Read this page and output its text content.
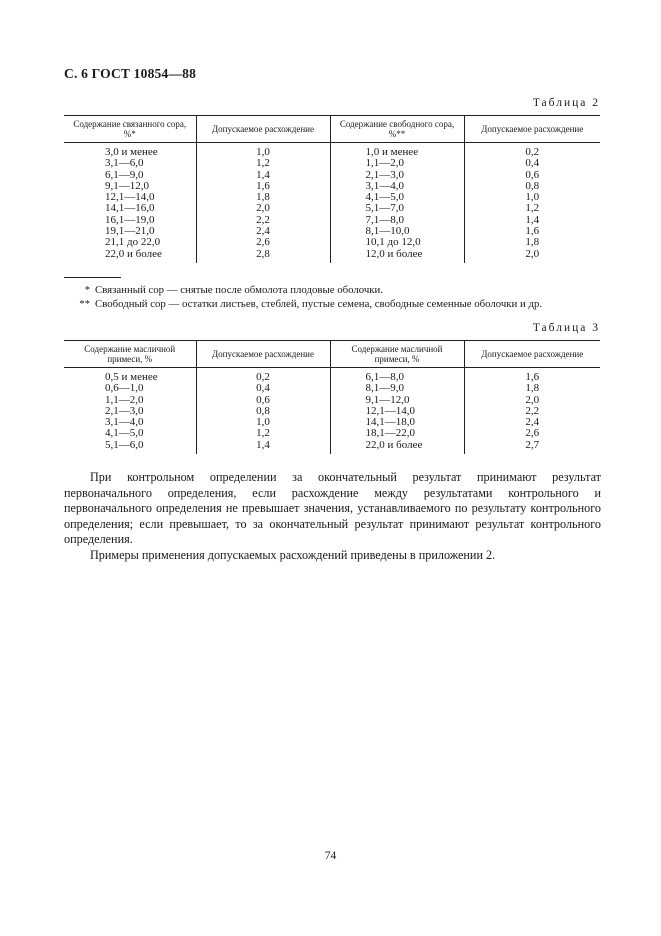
С. 6 ГОСТ 10854—88
Таблица 2
Содержание связанного сора, %*	Допускаемое расхождение	Содержание свободного сора, %**	Допускаемое расхождение
3,0 и менее	1,0	1,0 и менее	0,2
3,1—6,0	1,2	1,1—2,0	0,4
6,1—9,0	1,4	2,1—3,0	0,6
9,1—12,0	1,6	3,1—4,0	0,8
12,1—14,0	1,8	4,1—5,0	1,0
14,1—16,0	2,0	5,1—7,0	1,2
16,1—19,0	2,2	7,1—8,0	1,4
19,1—21,0	2,4	8,1—10,0	1,6
21,1 до 22,0	2,6	10,1 до 12,0	1,8
22,0 и более	2,8	12,0 и более	2,0
* Связанный сор — снятые после обмолота плодовые оболочки.
** Свободный сор — остатки листьев, стеблей, пустые семена, свободные семенные оболочки и др.
Таблица 3
Содержание масличной примеси, %	Допускаемое расхождение	Содержание масличной примеси, %	Допускаемое расхождение
0,5 и менее	0,2	6,1—8,0	1,6
0,6—1,0	0,4	8,1—9,0	1,8
1,1—2,0	0,6	9,1—12,0	2,0
2,1—3,0	0,8	12,1—14,0	2,2
3,1—4,0	1,0	14,1—18,0	2,4
4,1—5,0	1,2	18,1—22,0	2,6
5,1—6,0	1,4	22,0 и более	2,7

При контрольном определении за окончательный результат принимают результат первоначального определения, если расхождение между результатами контрольного и первоначального определения не превышает значения, устанавливаемого по результату контрольного определения; если превышает, то за окончательный результат принимают результат контрольного определения.

Примеры применения допускаемых расхождений приведены в приложении 2.

74
